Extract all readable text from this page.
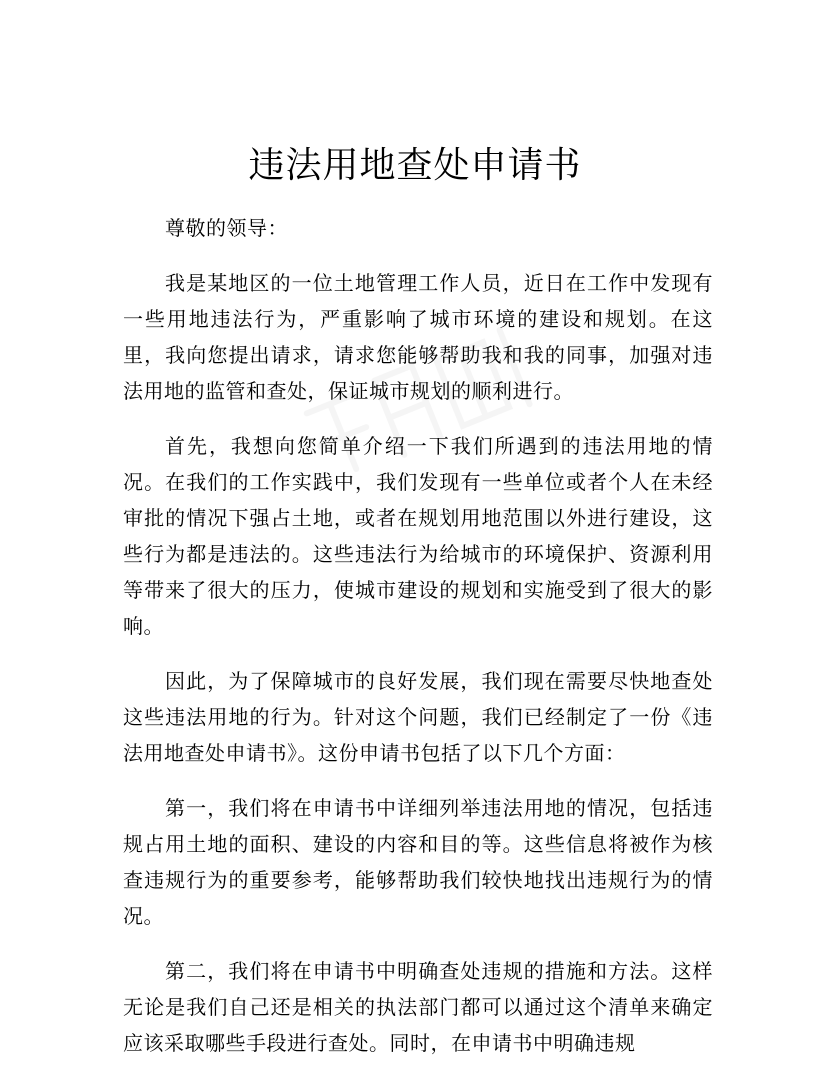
违法用地查处申请书

尊敬的领导：

我是某地区的一位土地管理工作人员，近日在工作中发现有一些用地违法行为，严重影响了城市环境的建设和规划。在这里，我向您提出请求，请求您能够帮助我和我的同事，加强对违法用地的监管和查处，保证城市规划的顺利进行。

首先，我想向您简单介绍一下我们所遇到的违法用地的情况。在我们的工作实践中，我们发现有一些单位或者个人在未经审批的情况下强占土地，或者在规划用地范围以外进行建设，这些行为都是违法的。这些违法行为给城市的环境保护、资源利用等带来了很大的压力，使城市建设的规划和实施受到了很大的影响。

因此，为了保障城市的良好发展，我们现在需要尽快地查处这些违法用地的行为。针对这个问题，我们已经制定了一份《违法用地查处申请书》。这份申请书包括了以下几个方面：

第一，我们将在申请书中详细列举违法用地的情况，包括违规占用土地的面积、建设的内容和目的等。这些信息将被作为核查违规行为的重要参考，能够帮助我们较快地找出违规行为的情况。

第二，我们将在申请书中明确查处违规的措施和方法。这样无论是我们自己还是相关的执法部门都可以通过这个清单来确定应该采取哪些手段进行查处。同时，在申请书中明确违规
